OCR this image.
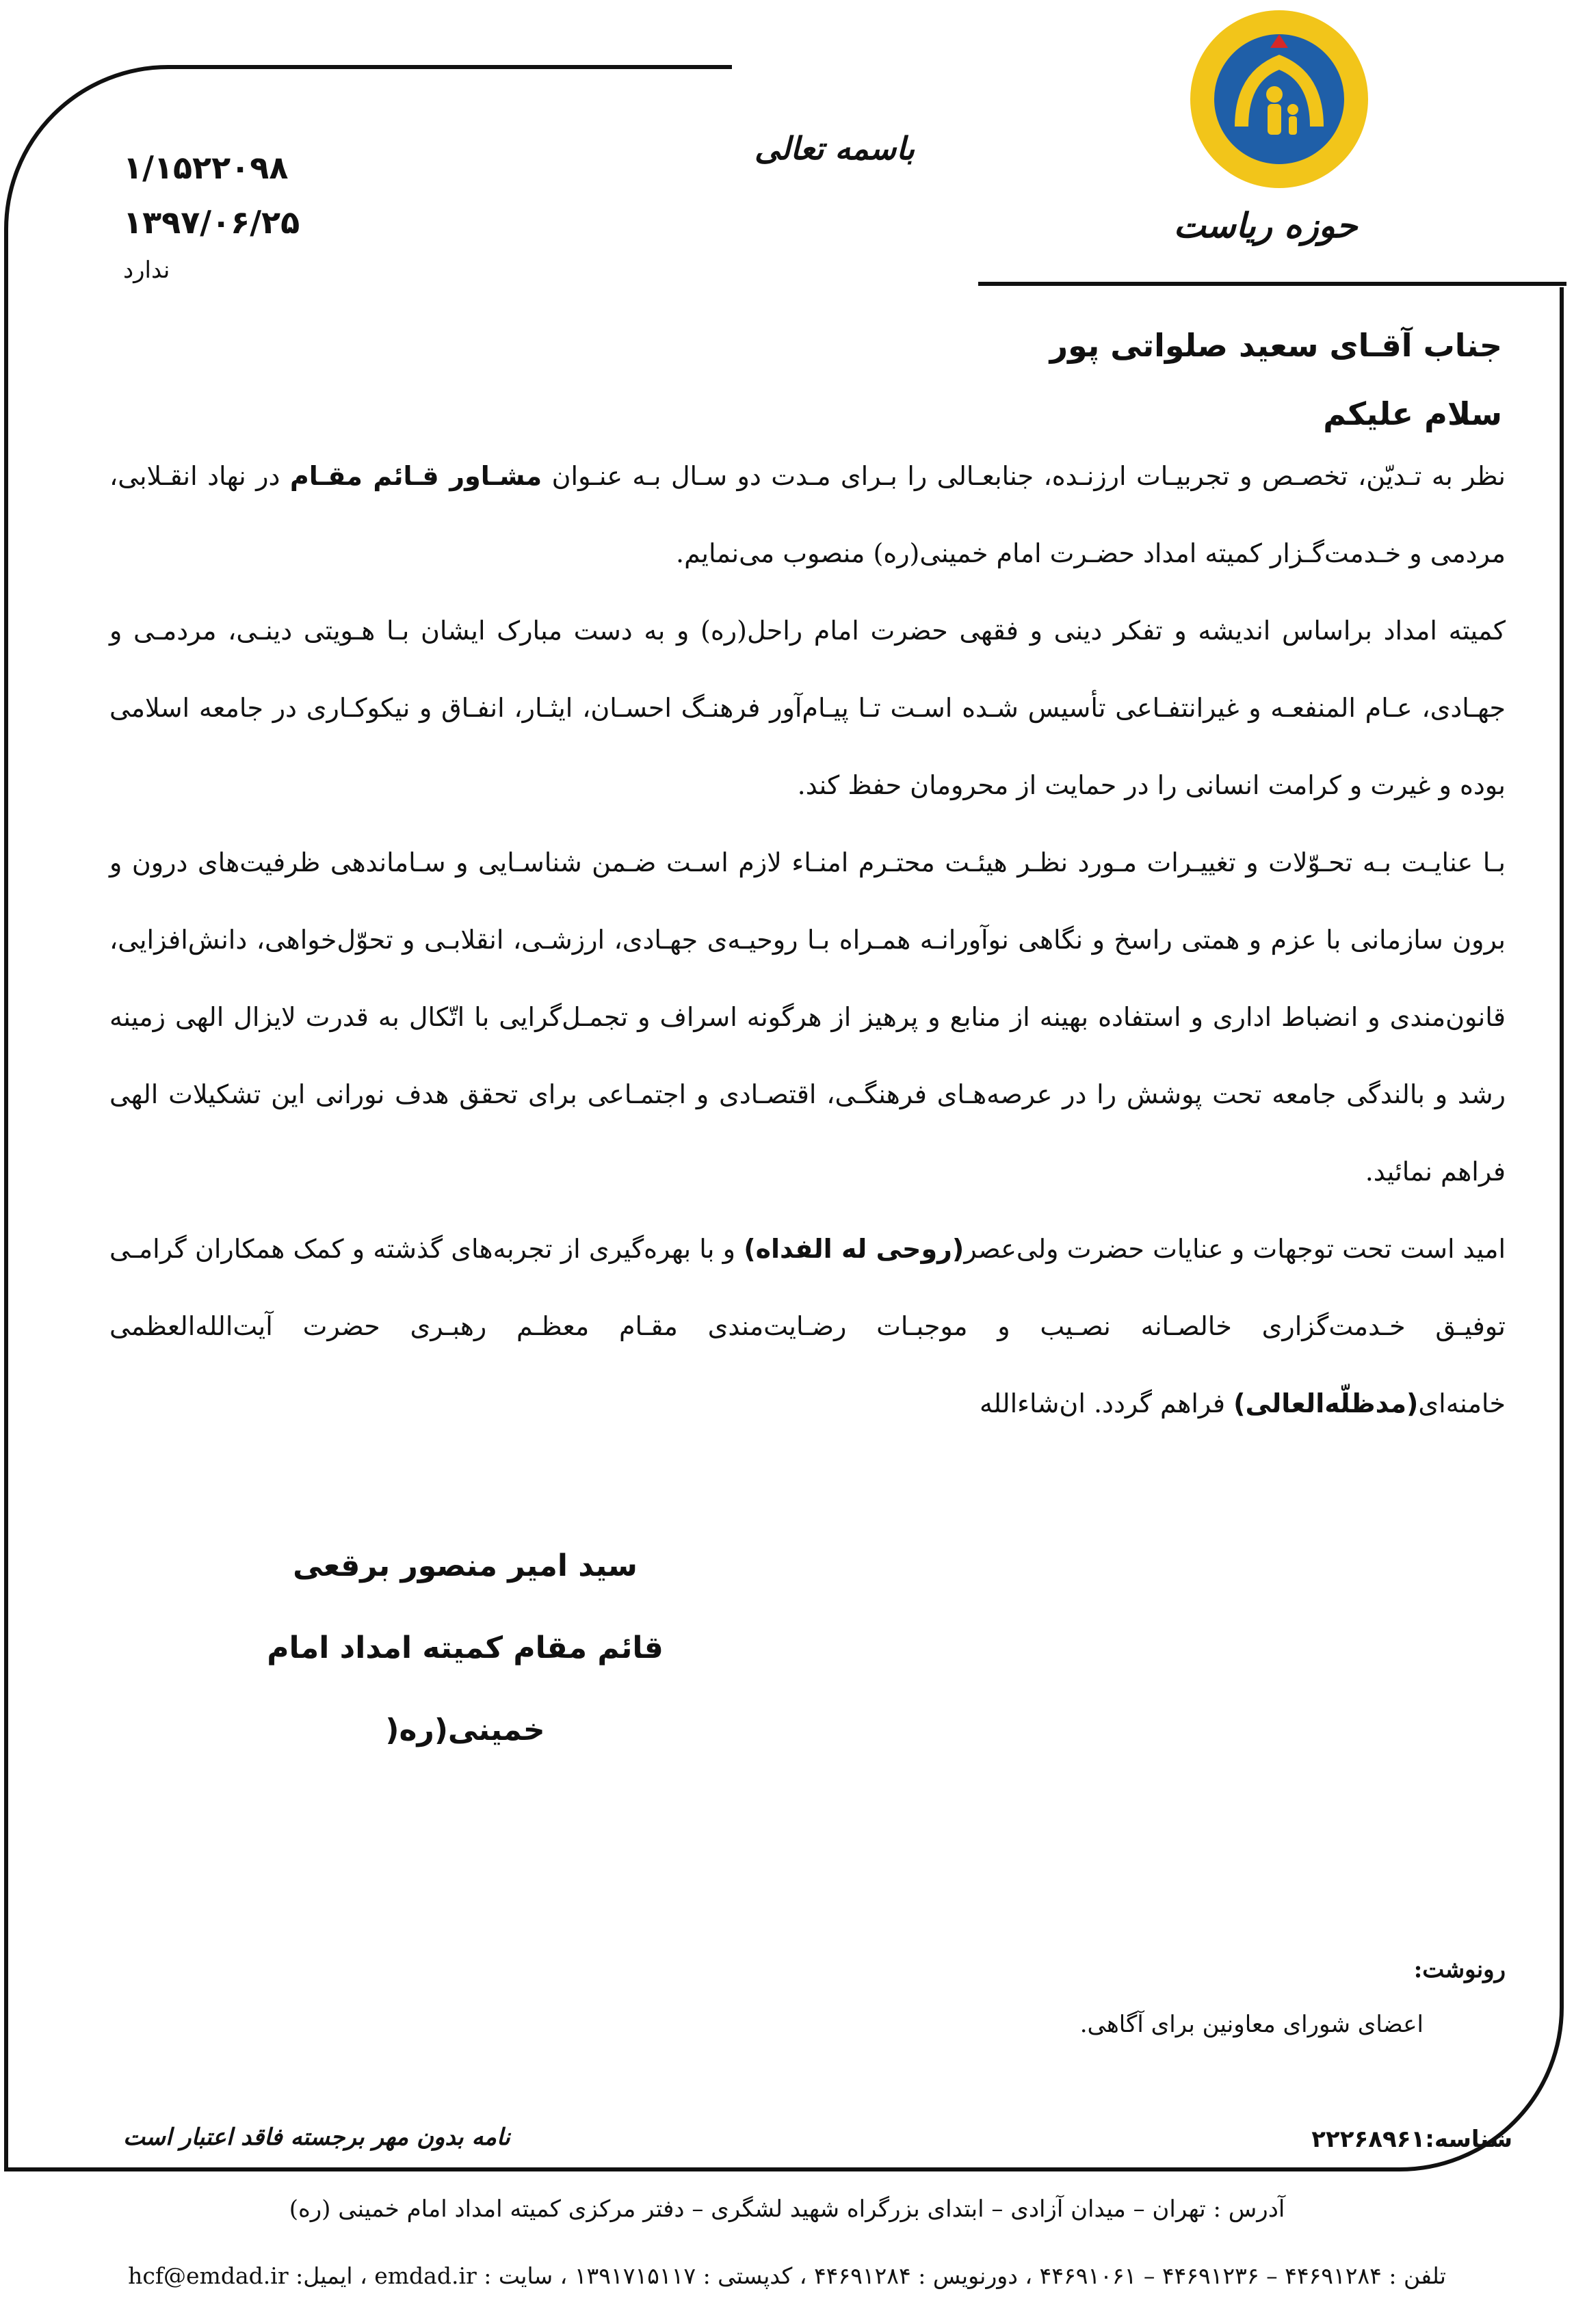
حوزه ریاست
باسمه تعالی
۱/۱۵۲۲۰۹۸
۱۳۹۷/۰۶/۲۵
ندارد
جناب آقـای سعید صلواتی پور
سلام علیکم

نظر به تـدیّن، تخصـص و تجربیـات ارزنـده، جنابعـالی را بـرای مـدت دو سـال بـه عنـوان مشـاور قـائم مقـام در نهاد انقـلابی، مردمی و خـدمت‌گـزار کمیته امداد حضـرت امام خمینی(ره) منصوب می‌نمایم.

کمیته امداد براساس اندیشه و تفکر دینی و فقهی حضرت امام راحل(ره) و به دست مبارک ایشان بـا هـویتی دینـی، مردمـی و جهـادی، عـام المنفعـه و غیرانتفـاعی تأسیس شـده اسـت تـا پیـام‌آور فرهنـگ احسـان، ایثـار، انفـاق و نیکوکـاری در جامعه اسلامی بوده و غیرت و کرامت انسانی را در حمایت از محرومان حفظ کند.

بـا عنایـت بـه تحـوّلات و تغییـرات مـورد نظـر هیئـت محتـرم امنـاء لازم اسـت ضـمن شناسـایی و سـاماندهی ظرفیت‌های درون و برون سازمانی با عزم و همتی راسخ و نگاهی نوآورانـه همـراه بـا روحیـه‌ی جهـادی، ارزشـی، انقلابـی و تحوّل‌خواهی، دانش‌افزایی، قانون‌مندی و انضباط اداری و استفاده بهینه از منابع و پرهیز از هرگونه اسراف و تجمـل‌گرایی با اتّکال به قدرت لایزال الهی زمینه رشد و بالندگی جامعه تحت پوشش را در عرصه‌هـای فرهنگـی، اقتصـادی و اجتمـاعی برای تحقق هدف نورانی این تشکیلات الهی فراهم نمائید.

امید است تحت توجهات و عنایات حضرت ولی‌عصر(روحی له الفداه) و با بهره‌گیری از تجربه‌های گذشته و کمک همکاران گرامـی توفیـق خـدمت‌گزاری خالصـانه نصـیب و موجبـات رضـایت‌مندی مقـام معظـم رهبـری حضرت آیت‌الله‌العظمی خامنه‌ای(مدظلّه‌العالی) فراهم گردد. ان‌شاءالله

سید امیر منصور برقعی
قائم مقام کمیته امداد امام خمینی(ره(
رونوشت:
اعضای شورای معاونین برای آگاهی.
نامه بدون مهر برجسته فاقد اعتبار است	شناسه:۲۲۲۶۸۹۶۱
آدرس : تهران – میدان آزادی – ابتدای بزرگراه شهید لشگری – دفتر مرکزی کمیته امداد امام خمینی (ره)
تلفن : ۴۴۶۹۱۲۸۴ – ۴۴۶۹۱۲۳۶ – ۴۴۶۹۱۰۶۱ ، دورنویس : ۴۴۶۹۱۲۸۴ ، کدپستی : ۱۳۹۱۷۱۵۱۱۷ ، سایت : emdad.ir ، ایمیل: hcf@emdad.ir
